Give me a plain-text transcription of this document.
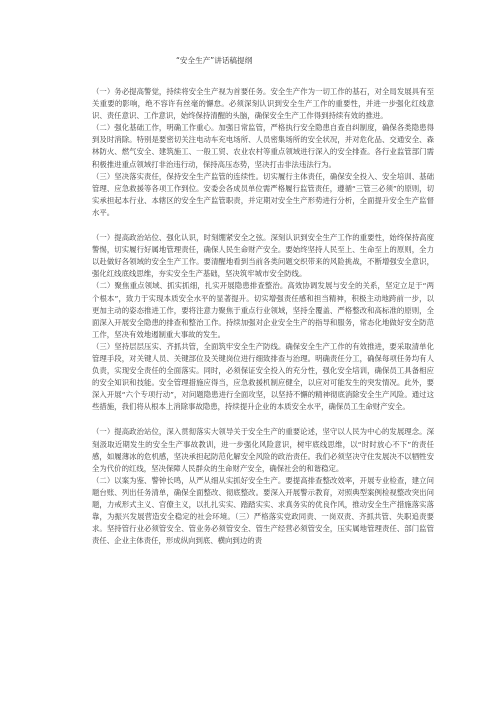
“安全生产”讲话稿提纲

（一）务必提高警觉，持续将安全生产视为首要任务。安全生产作为一切工作的基石，对全局发展具有至关重要的影响，绝不容许有丝毫的懈怠。必须深刻认识到安全生产工作的重要性，并进一步强化红线意识、责任意识、工作意识，始终保持清醒的头脑，确保安全生产工作得到持续有效的推进。

（二）强化基础工作，明确工作重心。加强日常监管，严格执行安全隐患自查自纠制度，确保各类隐患得到及时消除。特别是要密切关注电动车充电场所、人员密集场所的安全状况，并对危化品、交通安全、森林防火、燃气安全、建筑施工、一般工贸、农业农村等重点领域进行深入的安全排查。各行业监管部门需积极推进重点领域打非治违行动，保持高压态势，坚决打击非法违法行为。

（三）坚决落实责任，保持安全生产监管的连续性。切实履行主体责任，确保安全投入、安全培训、基础管理、应急救援等各项工作到位。安委会各成员单位需严格履行监管责任，遵循“三管三必须”的原则，切实承担起本行业、本辖区的安全生产监管职责，并定期对安全生产形势进行分析，全面提升安全生产监督水平。

（一）提高政治站位、强化认识，时刻绷紧安全之弦。深刻认识到安全生产工作的重要性，始终保持高度警惕，切实履行好属地管理责任，确保人民生命财产安全。要始终坚持人民至上、生命至上的原则，全力以赴做好各领域的安全生产工作。要清醒地看到当前各类问题交织带来的风险挑战，不断增强安全意识，强化红线底线思维，夯实安全生产基础，坚决筑牢城市安全防线。

（二）聚焦重点领域、抓实抓细，扎实开展隐患排查整治。高效协调发展与安全的关系，坚定立足于“两个根本”，致力于实现本质安全水平的显著提升。切实增强责任感和担当精神，积极主动地跨前一步，以更加主动的姿态推进工作，要将注意力聚焦于重点行业领域，坚持全覆盖、严格整改和高标准的原则，全面深入开展安全隐患的排查和整治工作。持续加强对企业安全生产的指导和服务，常态化地做好安全防范工作，坚决有效地遏制重大事故的发生。

（三）坚持层层压实、齐抓共管，全面筑牢安全生产防线。确保安全生产工作的有效推进，要采取清单化管理手段，对关键人员、关键部位及关键岗位进行细致排查与治理。明确责任分工，确保每项任务均有人负责，实现安全责任的全面落实。同时，必须保证安全投入的充分性，强化安全培训，确保员工具备相应的安全知识和技能。安全管理措施应得当，应急救援机制应健全，以应对可能发生的突发情况。此外，要深入开展“六个专项行动”，对问题隐患进行全面攻坚，以坚持不懈的精神彻底消除安全生产风险。通过这些措施，我们将从根本上消除事故隐患，持续提升企业的本质安全水平，确保员工生命财产安全。

（一）提高政治站位，深入贯彻落实大领导关于安全生产的重要论述，坚守以人民为中心的发展理念。深刻汲取近期发生的安全生产事故教训，进一步强化风险意识，树牢底线思维，以“时时放心不下”的责任感，如履薄冰的危机感，坚决承担起防范化解安全风险的政治责任。我们必须坚决守住发展决不以牺牲安全为代价的红线，坚决保障人民群众的生命财产安全，确保社会的和谐稳定。

（二）以案为鉴、警钟长鸣，从严从细从实抓好安全生产。要提高排查整改效率，开展专业检查，建立问题台账、列出任务清单，确保全面整改、彻底整改。要深入开展警示教育，对照典型案例检视整改突出问题，力戒形式主义、官僚主义，以扎扎实实、踏踏实实、求真务实的优良作风，推动安全生产措施落实落靠，为振兴发展营造安全稳定的社会环境。（三）严格落实党政同责、一岗双责、齐抓共管、失职追责要求。坚持管行业必须管安全、管业务必须管安全、管生产经营必须管安全，压实属地管理责任、部门监管责任、企业主体责任，形成纵向到底、横向到边的责
